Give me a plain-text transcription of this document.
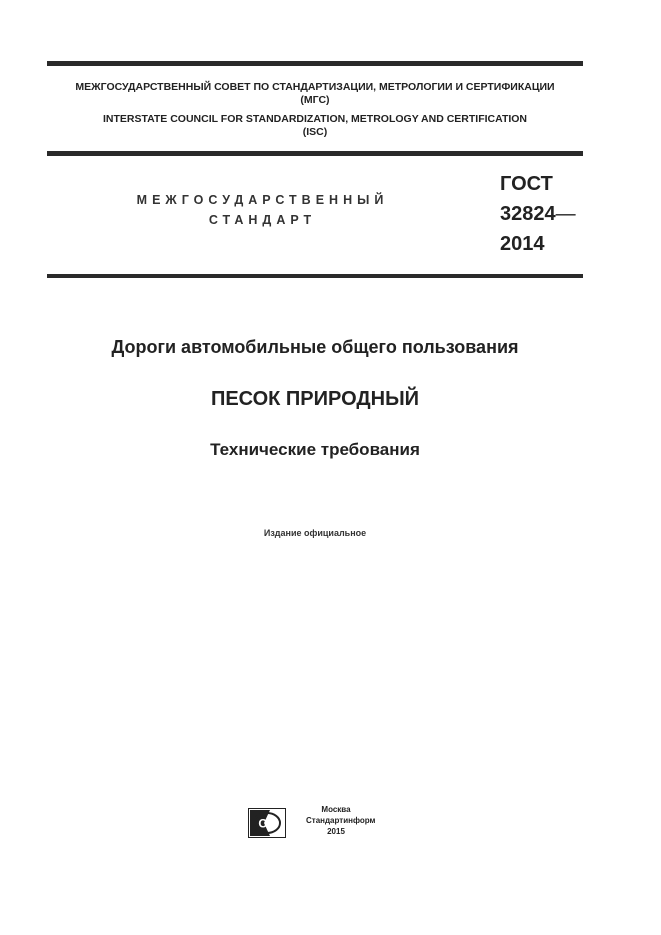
МЕЖГОСУДАРСТВЕННЫЙ СОВЕТ ПО СТАНДАРТИЗАЦИИ, МЕТРОЛОГИИ И СЕРТИФИКАЦИИ
(МГС)
INTERSTATE COUNCIL FOR STANDARDIZATION, METROLOGY AND CERTIFICATION
(ISC)
МЕЖГОСУДАРСТВЕННЫЙ
СТАНДАРТ
ГОСТ
32824—
2014
Дороги автомобильные общего пользования
ПЕСОК ПРИРОДНЫЙ
Технические требования
Издание официальное
СИ
Москва
Стандартинформ
2015
